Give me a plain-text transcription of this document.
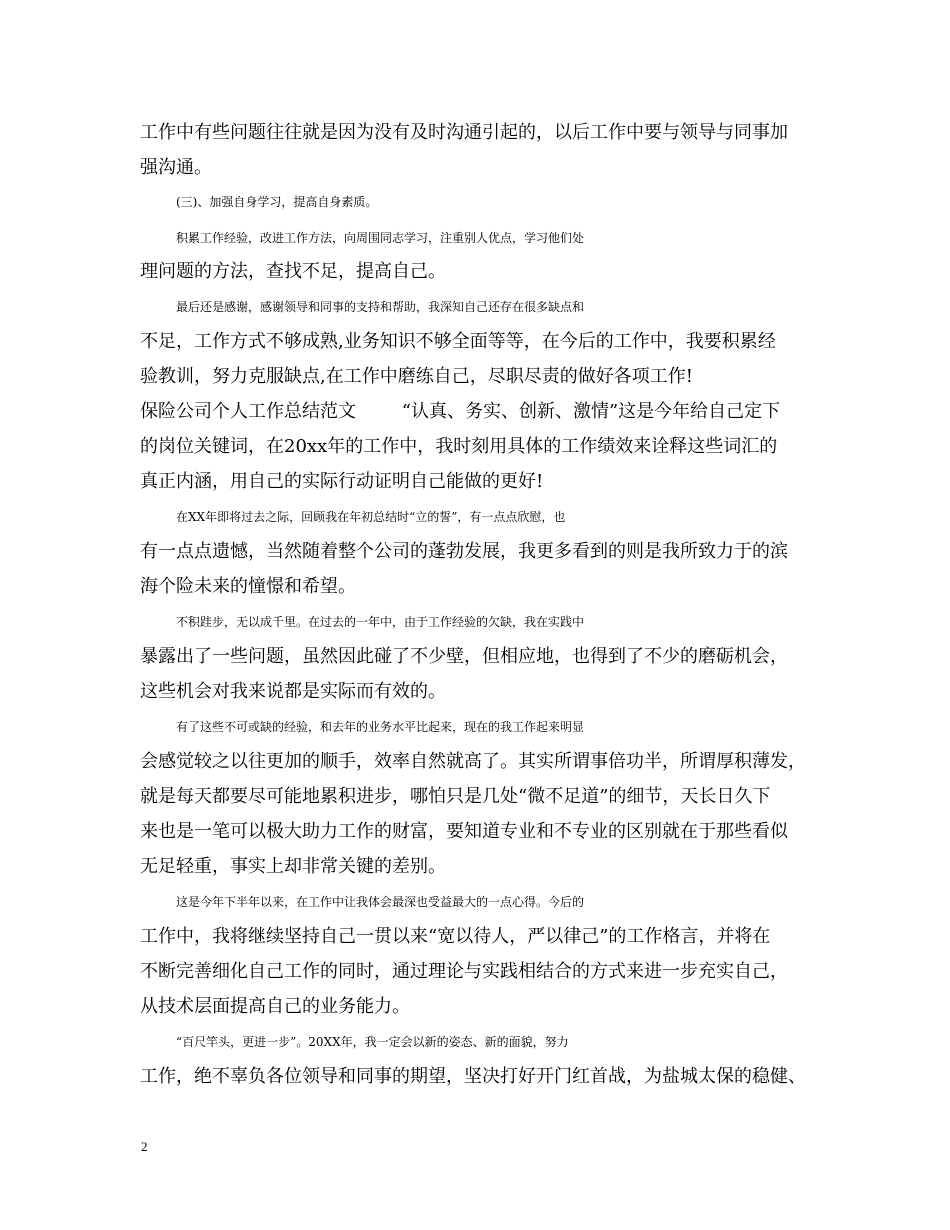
工作中有些问题往往就是因为没有及时沟通引起的，以后工作中要与领导与同事加
强沟通。
(三)、加强自身学习，提高自身素质。
积累工作经验，改进工作方法，向周围同志学习，注重别人优点，学习他们处
理问题的方法，查找不足，提高自己。
最后还是感谢，感谢领导和同事的支持和帮助，我深知自己还存在很多缺点和
不足，工作方式不够成熟,业务知识不够全面等等，在今后的工作中，我要积累经
验教训，努力克服缺点,在工作中磨练自己，尽职尽责的做好各项工作!
保险公司个人工作总结范文        “认真、务实、创新、激情”这是今年给自己定下
的岗位关键词，在20xx年的工作中，我时刻用具体的工作绩效来诠释这些词汇的
真正内涵，用自己的实际行动证明自己能做的更好!
在XX年即将过去之际，回顾我在年初总结时“立的誓”，有一点点欣慰，也
有一点点遗憾，当然随着整个公司的蓬勃发展，我更多看到的则是我所致力于的滨
海个险未来的憧憬和希望。
不积跬步，无以成千里。在过去的一年中，由于工作经验的欠缺，我在实践中
暴露出了一些问题，虽然因此碰了不少壁，但相应地，也得到了不少的磨砺机会，
这些机会对我来说都是实际而有效的。
有了这些不可或缺的经验，和去年的业务水平比起来，现在的我工作起来明显
会感觉较之以往更加的顺手，效率自然就高了。其实所谓事倍功半，所谓厚积薄发，
就是每天都要尽可能地累积进步，哪怕只是几处“微不足道”的细节，天长日久下
来也是一笔可以极大助力工作的财富，要知道专业和不专业的区别就在于那些看似
无足轻重，事实上却非常关键的差别。
这是今年下半年以来，在工作中让我体会最深也受益最大的一点心得。今后的
工作中，我将继续坚持自己一贯以来“宽以待人，严以律己”的工作格言，并将在
不断完善细化自己工作的同时，通过理论与实践相结合的方式来进一步充实自己，
从技术层面提高自己的业务能力。
“百尺竿头，更进一步”。20XX年，我一定会以新的姿态、新的面貌，努力
工作，绝不辜负各位领导和同事的期望，坚决打好开门红首战，为盐城太保的稳健、
2
